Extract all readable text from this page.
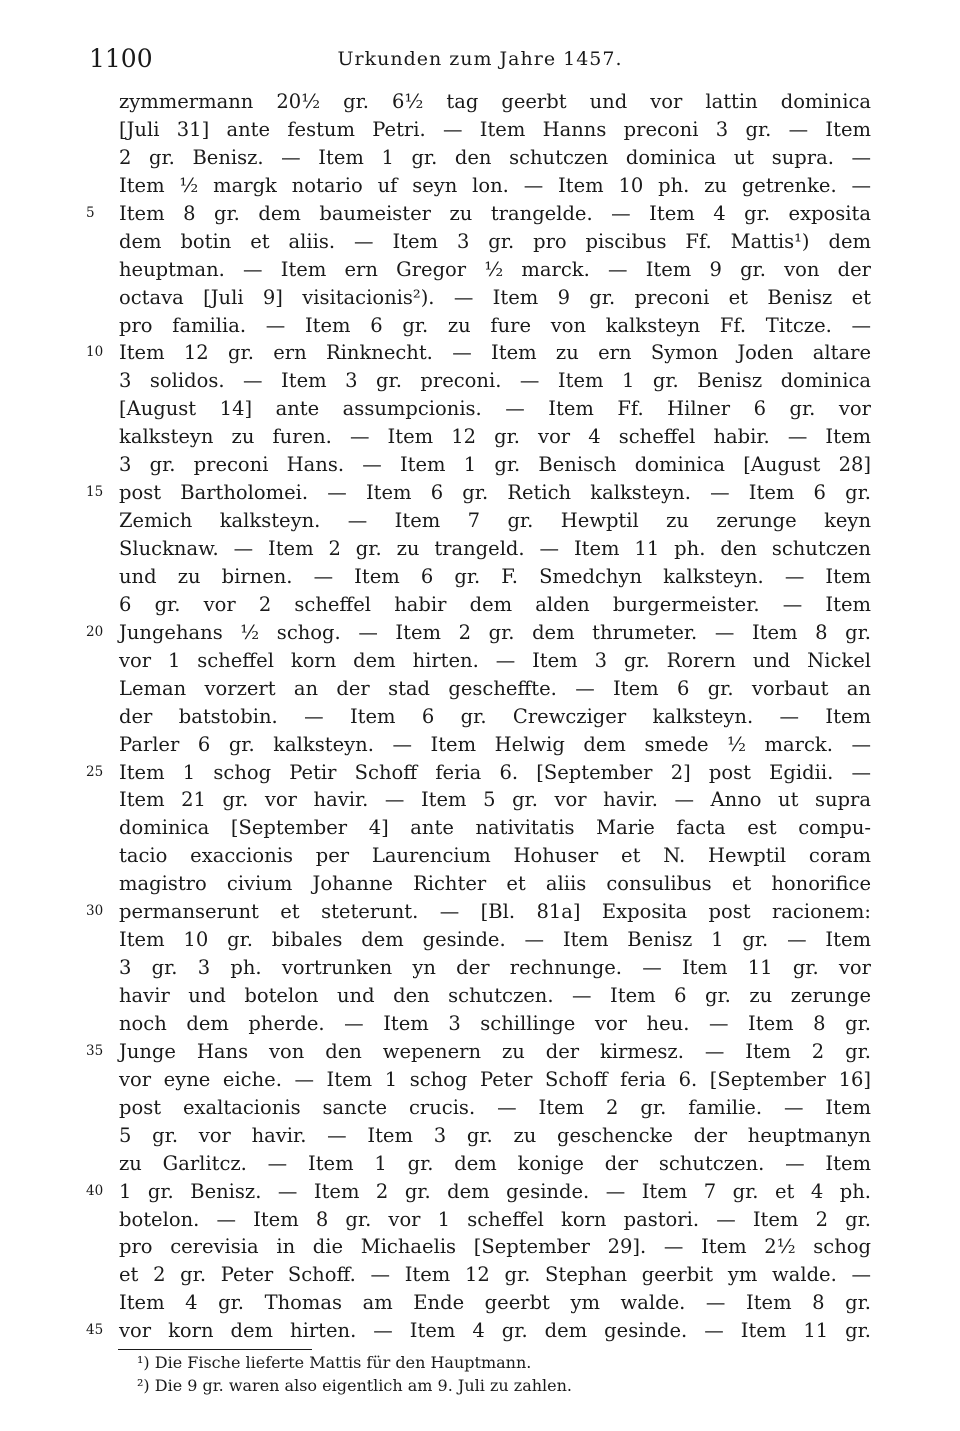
1100	Urkunden zum Jahre 1457.
zymmermann 20½ gr. 6½ tag geerbt und vor lattin dominica
[Juli 31] ante festum Petri. — Item Hanns preconi 3 gr. — Item
2 gr. Benisz. — Item 1 gr. den schutczen dominica ut supra. —
Item ½ margk notario uf seyn lon. — Item 10 ph. zu getrenke. —
5	Item 8 gr. dem baumeister zu trangelde. — Item 4 gr. exposita
dem botin et aliis. — Item 3 gr. pro piscibus Ff. Mattis¹) dem
heuptman. — Item ern Gregor ½ marck. — Item 9 gr. von der
octava [Juli 9] visitacionis²). — Item 9 gr. preconi et Benisz et
pro familia. — Item 6 gr. zu fure von kalksteyn Ff. Titcze. —
10 Item 12 gr. ern Rinknecht. — Item zu ern Symon Joden altare
3 solidos. — Item 3 gr. preconi. — Item 1 gr. Benisz dominica
[August 14] ante assumpcionis. — Item Ff. Hilner 6 gr. vor
kalksteyn zu furen. — Item 12 gr. vor 4 scheffel habir. — Item
3 gr. preconi Hans. — Item 1 gr. Benisch dominica [August 28]
15 post Bartholomei. — Item 6 gr. Retich kalksteyn. — Item 6 gr.
Zemich kalksteyn. — Item 7 gr. Hewptil zu zerunge keyn
Slucknaw. — Item 2 gr. zu trangeld. — Item 11 ph. den schutczen
und zu birnen. — Item 6 gr. F. Smedchyn kalksteyn. — Item
6 gr. vor 2 scheffel habir dem alden burgermeister. — Item
20 Jungehans ½ schog. — Item 2 gr. dem thrumeter. — Item 8 gr.
vor 1 scheffel korn dem hirten. — Item 3 gr. Rorern und Nickel
Leman vorzert an der stad gescheffte. — Item 6 gr. vorbaut an
der batstobin. — Item 6 gr. Crewcziger kalksteyn. — Item
Parler 6 gr. kalksteyn. — Item Helwig dem smede ½ marck. —
25 Item 1 schog Petir Schoff feria 6. [September 2] post Egidii. —
Item 21 gr. vor havir. — Item 5 gr. vor havir. — Anno ut supra
dominica [September 4] ante nativitatis Marie facta est compu-
tacio exaccionis per Laurencium Hohuser et N. Hewptil coram
magistro civium Johanne Richter et aliis consulibus et honorifice
30 permanserunt et steterunt. — [Bl. 81a] Exposita post racionem:
Item 10 gr. bibales dem gesinde. — Item Benisz 1 gr. — Item
3 gr. 3 ph. vortrunken yn der rechnunge. — Item 11 gr. vor
havir und botelon und den schutczen. — Item 6 gr. zu zerunge
noch dem pherde. — Item 3 schillinge vor heu. — Item 8 gr.
35 Junge Hans von den wepenern zu der kirmesz. — Item 2 gr.
vor eyne eiche. — Item 1 schog Peter Schoff feria 6. [September 16]
post exaltacionis sancte crucis. — Item 2 gr. familie. — Item
5 gr. vor havir. — Item 3 gr. zu geschencke der heuptmanyn
zu Garlitcz. — Item 1 gr. dem konige der schutczen. — Item
40 1 gr. Benisz. — Item 2 gr. dem gesinde. — Item 7 gr. et 4 ph.
botelon. — Item 8 gr. vor 1 scheffel korn pastori. — Item 2 gr.
pro cerevisia in die Michaelis [September 29]. — Item 2½ schog
et 2 gr. Peter Schoff. — Item 12 gr. Stephan geerbit ym walde. —
Item 4 gr. Thomas am Ende geerbt ym walde. — Item 8 gr.
45 vor korn dem hirten. — Item 4 gr. dem gesinde. — Item 11 gr.
¹) Die Fische lieferte Mattis für den Hauptmann.
²) Die 9 gr. waren also eigentlich am 9. Juli zu zahlen.
